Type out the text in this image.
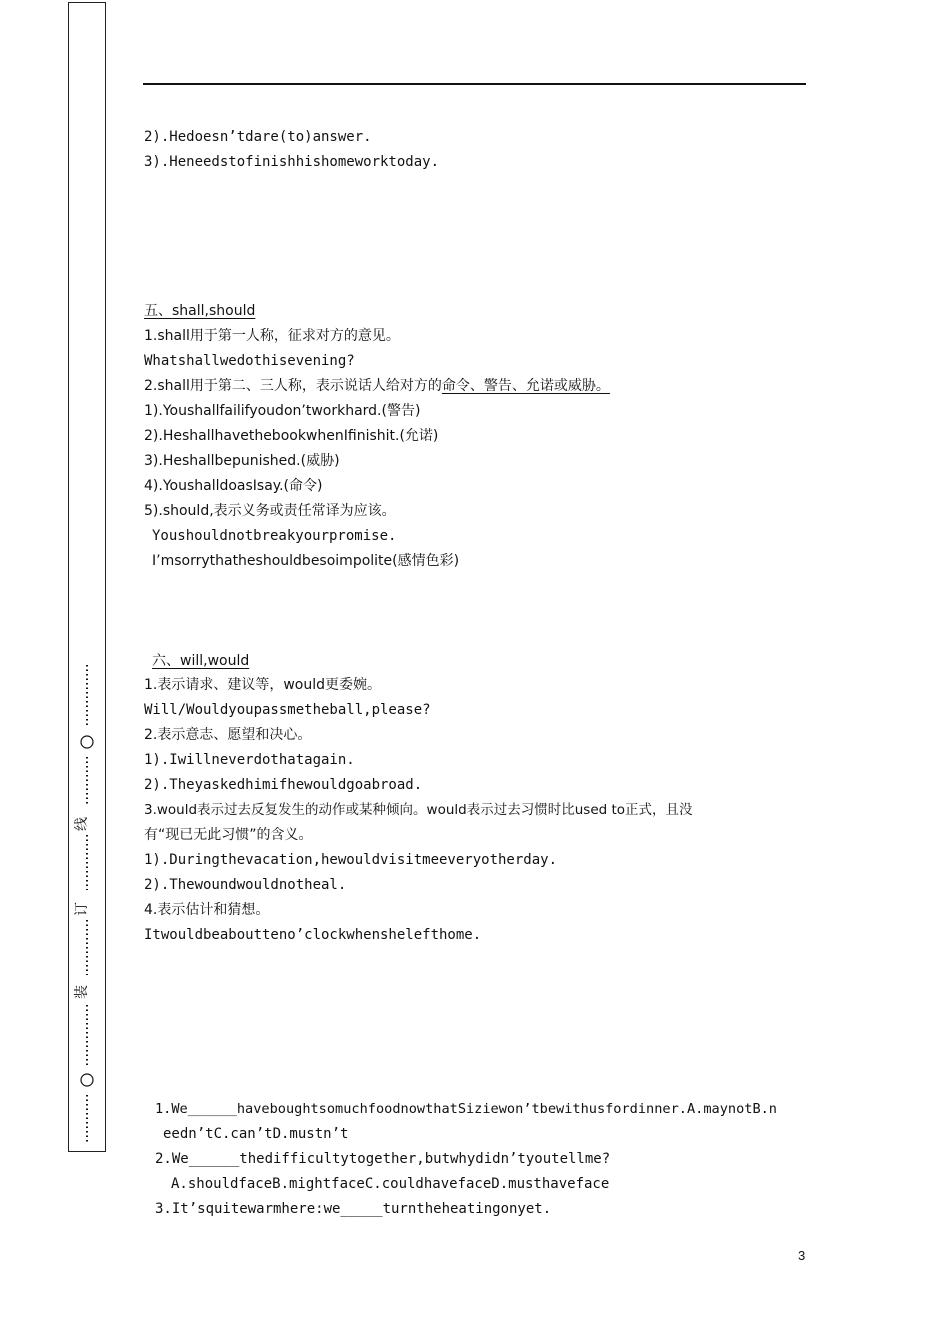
装
订
线
2).Hedoesn’tdare(to)answer.
3).Heneedstofinishhishomeworktoday.
五、shall,should
1.shall用于第一人称，征求对方的意见。
Whatshallwedothisevening?
2.shall用于第二、三人称，表示说话人给对方的命令、警告、允诺或威胁。
1).Youshallfailifyoudon’tworkhard.(警告)
2).HeshallhavethebookwhenIfinishit.(允诺)
3).Heshallbepunished.(威胁)
4).YoushalldoasIsay.(命令)
5).should,表示义务或责任常译为应该。
Youshouldnotbreakyourpromise.
I’msorrythatheshouldbesoimpolite(感情色彩)
六、will,would
1.表示请求、建议等，would更委婉。
Will/Wouldyoupassmetheball,please?
2.表示意志、愿望和决心。
1).Iwillneverdothatagain.
2).Theyaskedhimifhewouldgoabroad.
3.would表示过去反复发生的动作或某种倾向。would表示过去习惯时比used to正式，且没
有“现已无此习惯”的含义。
1).Duringthevacation,hewouldvisitmeeveryotherday.
2).Thewoundwouldnotheal.
4.表示估计和猜想。
Itwouldbeabouttenо’clockwhenshelefthome.
1.We______haveboughtsomuchfoodnowthatSiziewon’tbewithusfordinner.A.maynotB.n
eedn’tC.can’tD.mustn’t
2.We______thedifficultytogether,butwhydidn’tyoutellme?
A.shouldfaceB.mightfaceC.couldhavefaceD.musthaveface
3.It’squitewarmhere:we_____turntheheatingonyet.
3
